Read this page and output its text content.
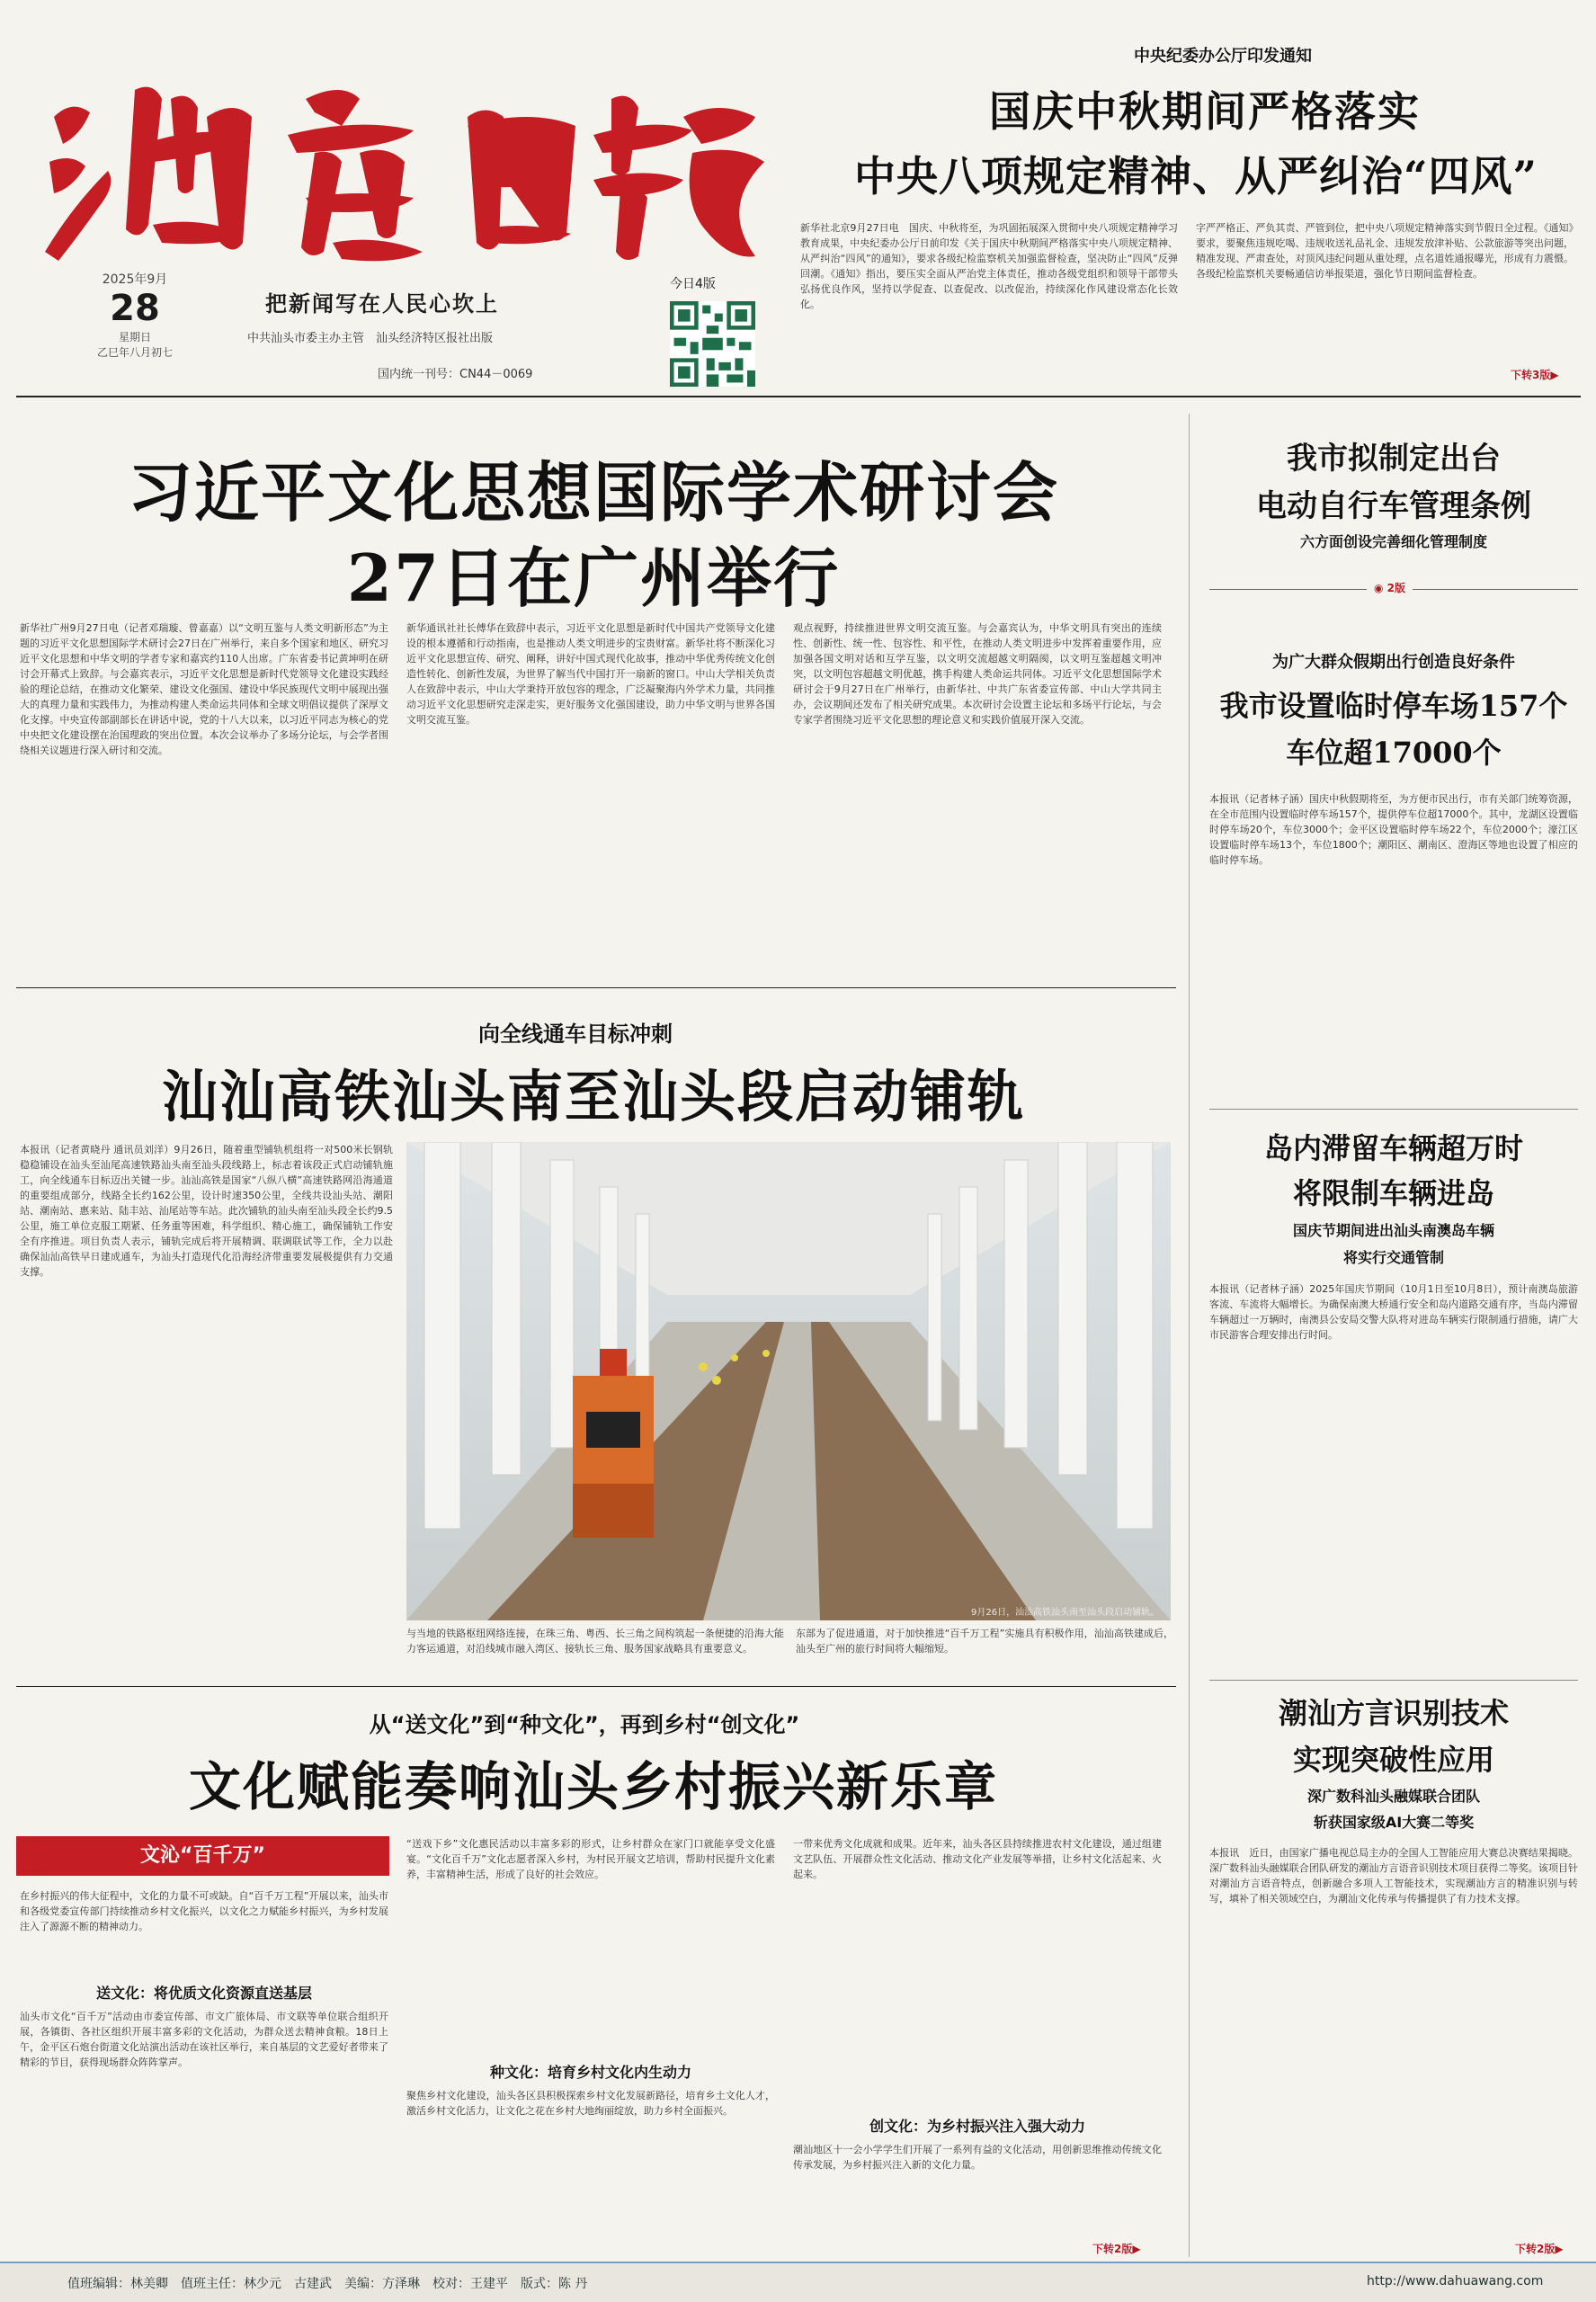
2025年9月
28
星期日
乙巳年八月初七
把新闻写在人民心坎上
中共汕头市委主办主管　汕头经济特区报社出版
国内统一刊号：CN44－0069
今日4版
中央纪委办公厅印发通知
国庆中秋期间严格落实
中央八项规定精神、从严纠治“四风”
新华社北京9月27日电　国庆、中秋将至，为巩固拓展深入贯彻中央八项规定精神学习教育成果，中央纪委办公厅日前印发《关于国庆中秋期间严格落实中央八项规定精神、从严纠治“四风”的通知》，要求各级纪检监察机关加强监督检查，坚决防止“四风”反弹回潮。《通知》指出，要压实全面从严治党主体责任，推动各级党组织和领导干部带头弘扬优良作风，坚持以学促查、以查促改、以改促治，持续深化作风建设常态化长效化。
字严严格正、严负其责、严管到位，把中央八项规定精神落实到节假日全过程。《通知》要求，要聚焦违规吃喝、违规收送礼品礼金、违规发放津补贴、公款旅游等突出问题，精准发现、严肃查处，对顶风违纪问题从重处理，点名道姓通报曝光，形成有力震慑。各级纪检监察机关要畅通信访举报渠道，强化节日期间监督检查。
下转3版▶
习近平文化思想国际学术研讨会
27日在广州举行
新华社广州9月27日电（记者邓瑞璇、曾嘉嘉）以“文明互鉴与人类文明新形态”为主题的习近平文化思想国际学术研讨会27日在广州举行，来自多个国家和地区、研究习近平文化思想和中华文明的学者专家和嘉宾约110人出席。广东省委书记黄坤明在研讨会开幕式上致辞。与会嘉宾表示，习近平文化思想是新时代党领导文化建设实践经验的理论总结，在推动文化繁荣、建设文化强国、建设中华民族现代文明中展现出强大的真理力量和实践伟力，为推动构建人类命运共同体和全球文明倡议提供了深厚文化支撑。中央宣传部副部长在讲话中说，党的十八大以来，以习近平同志为核心的党中央把文化建设摆在治国理政的突出位置。本次会议举办了多场分论坛，与会学者围绕相关议题进行深入研讨和交流。
新华通讯社社长傅华在致辞中表示，习近平文化思想是新时代中国共产党领导文化建设的根本遵循和行动指南，也是推动人类文明进步的宝贵财富。新华社将不断深化习近平文化思想宣传、研究、阐释，讲好中国式现代化故事，推动中华优秀传统文化创造性转化、创新性发展，为世界了解当代中国打开一扇新的窗口。中山大学相关负责人在致辞中表示，中山大学秉持开放包容的理念，广泛凝聚海内外学术力量，共同推动习近平文化思想研究走深走实，更好服务文化强国建设，助力中华文明与世界各国文明交流互鉴。
观点视野，持续推进世界文明交流互鉴。与会嘉宾认为，中华文明具有突出的连续性、创新性、统一性、包容性、和平性，在推动人类文明进步中发挥着重要作用，应加强各国文明对话和互学互鉴，以文明交流超越文明隔阂，以文明互鉴超越文明冲突，以文明包容超越文明优越，携手构建人类命运共同体。习近平文化思想国际学术研讨会于9月27日在广州举行，由新华社、中共广东省委宣传部、中山大学共同主办，会议期间还发布了相关研究成果。本次研讨会设置主论坛和多场平行论坛，与会专家学者围绕习近平文化思想的理论意义和实践价值展开深入交流。
向全线通车目标冲刺
汕汕高铁汕头南至汕头段启动铺轨
本报讯（记者黄晓丹 通讯员刘洋）9月26日，随着重型铺轨机组将一对500米长钢轨稳稳铺设在汕头至汕尾高速铁路汕头南至汕头段线路上，标志着该段正式启动铺轨施工，向全线通车目标迈出关键一步。汕汕高铁是国家“八纵八横”高速铁路网沿海通道的重要组成部分，线路全长约162公里，设计时速350公里，全线共设汕头站、潮阳站、潮南站、惠来站、陆丰站、汕尾站等车站。此次铺轨的汕头南至汕头段全长约9.5公里，施工单位克服工期紧、任务重等困难，科学组织、精心施工，确保铺轨工作安全有序推进。项目负责人表示，铺轨完成后将开展精调、联调联试等工作，全力以赴确保汕汕高铁早日建成通车，为汕头打造现代化沿海经济带重要发展极提供有力交通支撑。
9月26日，汕汕高铁汕头南至汕头段启动铺轨。
与当地的铁路枢纽网络连接，在珠三角、粤西、长三角之间构筑起一条便捷的沿海大能力客运通道，对沿线城市融入湾区、接轨长三角、服务国家战略具有重要意义。
东部为了促进通道，对于加快推进“百千万工程”实施具有积极作用，汕汕高铁建成后，汕头至广州的旅行时间将大幅缩短。
从“送文化”到“种文化”，再到乡村“创文化”
文化赋能奏响汕头乡村振兴新乐章
文沁“百千万”
在乡村振兴的伟大征程中，文化的力量不可或缺。自“百千万工程”开展以来，汕头市和各级党委宣传部门持续推动乡村文化振兴，以文化之力赋能乡村振兴，为乡村发展注入了源源不断的精神动力。
送文化：将优质文化资源直送基层
汕头市文化“百千万”活动由市委宣传部、市文广旅体局、市文联等单位联合组织开展，各镇街、各社区组织开展丰富多彩的文化活动，为群众送去精神食粮。18日上午，金平区石炮台街道文化站演出活动在该社区举行，来自基层的文艺爱好者带来了精彩的节目，获得现场群众阵阵掌声。
“送戏下乡”文化惠民活动以丰富多彩的形式，让乡村群众在家门口就能享受文化盛宴。“文化百千万”文化志愿者深入乡村，为村民开展文艺培训，帮助村民提升文化素养，丰富精神生活，形成了良好的社会效应。
种文化：培育乡村文化内生动力
聚焦乡村文化建设，汕头各区县积极探索乡村文化发展新路径，培育乡土文化人才，激活乡村文化活力，让文化之花在乡村大地绚丽绽放，助力乡村全面振兴。
一带来优秀文化成就和成果。近年来，汕头各区县持续推进农村文化建设，通过组建文艺队伍、开展群众性文化活动、推动文化产业发展等举措，让乡村文化活起来、火起来。
创文化：为乡村振兴注入强大动力
潮汕地区十一会小学学生们开展了一系列有益的文化活动，用创新思维推动传统文化传承发展，为乡村振兴注入新的文化力量。
下转2版▶
我市拟制定出台
电动自行车管理条例
六方面创设完善细化管理制度
◉ 2版
为广大群众假期出行创造良好条件
我市设置临时停车场157个
车位超17000个
本报讯（记者林子涵）国庆中秋假期将至，为方便市民出行，市有关部门统筹资源，在全市范围内设置临时停车场157个，提供停车位超17000个。其中，龙湖区设置临时停车场20个，车位3000个；金平区设置临时停车场22个，车位2000个；濠江区设置临时停车场13个，车位1800个；潮阳区、潮南区、澄海区等地也设置了相应的临时停车场。
岛内滞留车辆超万时
将限制车辆进岛
国庆节期间进出汕头南澳岛车辆
将实行交通管制
本报讯（记者林子涵）2025年国庆节期间（10月1日至10月8日），预计南澳岛旅游客流、车流将大幅增长。为确保南澳大桥通行安全和岛内道路交通有序，当岛内滞留车辆超过一万辆时，南澳县公安局交警大队将对进岛车辆实行限制通行措施，请广大市民游客合理安排出行时间。
潮汕方言识别技术
实现突破性应用
深广数科汕头融媒联合团队
斩获国家级AI大赛二等奖
本报讯　近日，由国家广播电视总局主办的全国人工智能应用大赛总决赛结果揭晓。深广数科汕头融媒联合团队研发的潮汕方言语音识别技术项目获得二等奖。该项目针对潮汕方言语音特点，创新融合多项人工智能技术，实现潮汕方言的精准识别与转写，填补了相关领域空白，为潮汕文化传承与传播提供了有力技术支撑。
下转2版▶
值班编辑：林美卿　值班主任：林少元　古建武　美编：方泽琳　校对：王建平　版式：陈 丹	http://www.dahuawang.com
